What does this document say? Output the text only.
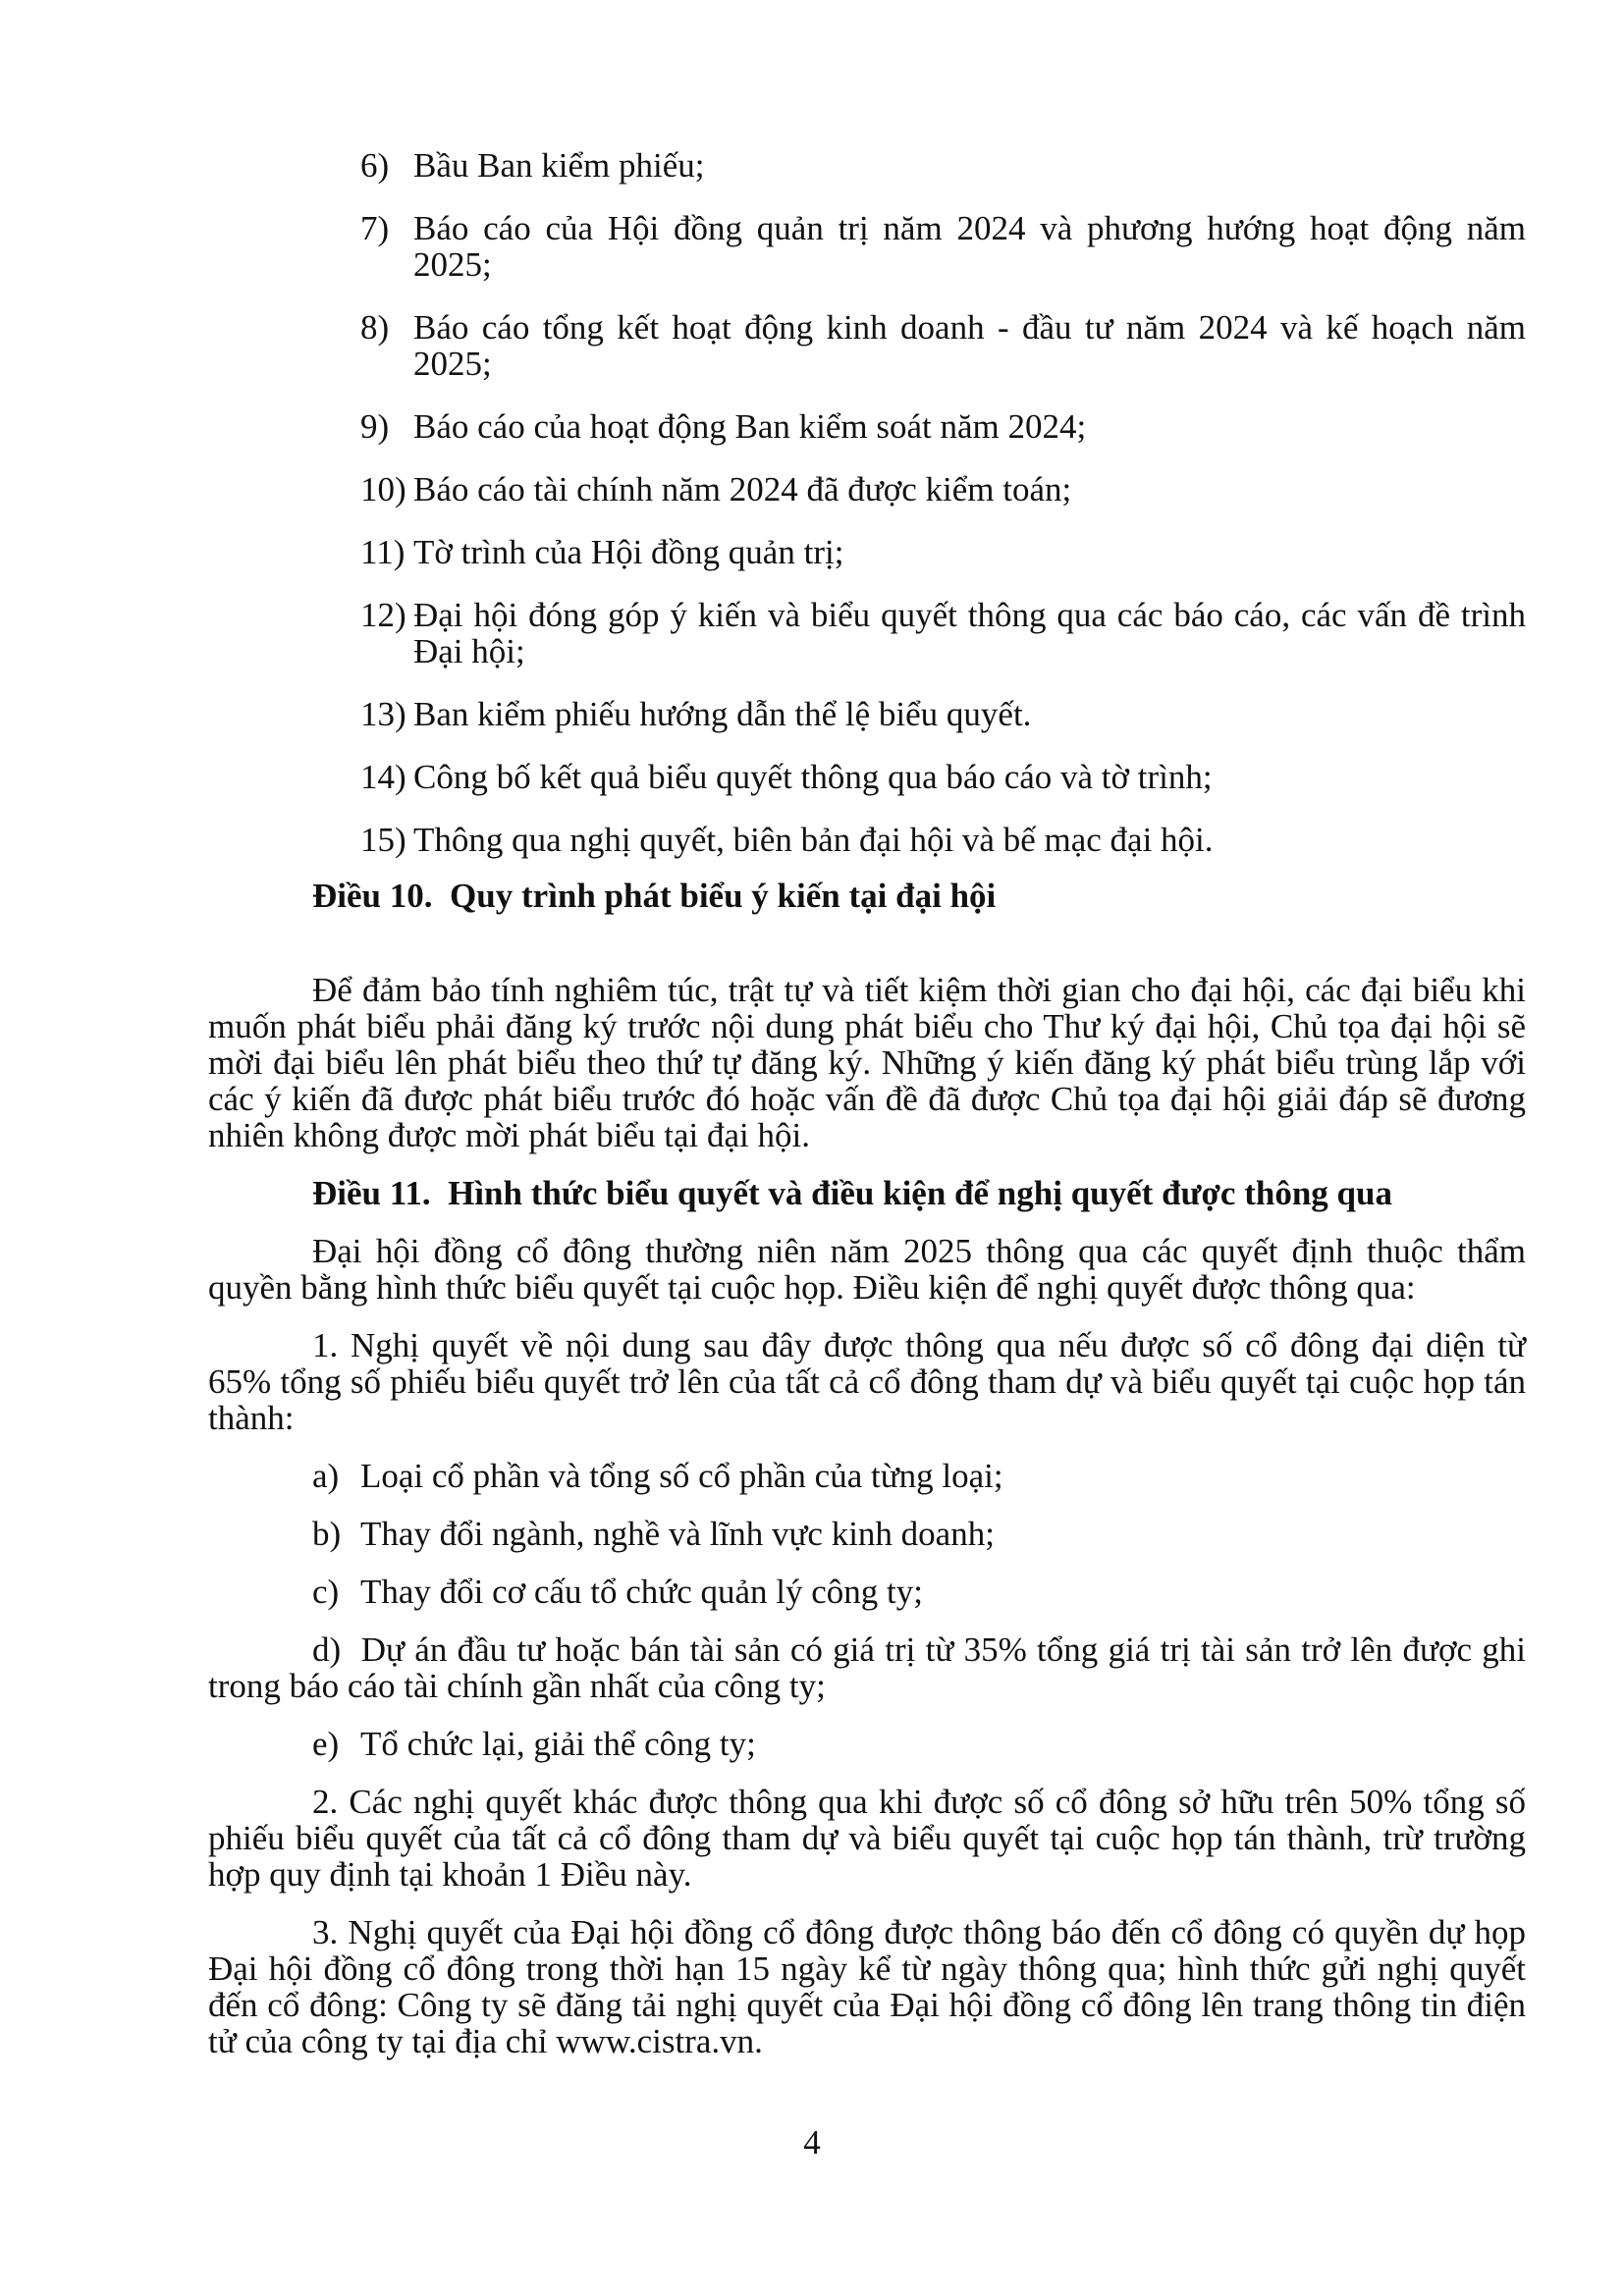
6) Bầu Ban kiểm phiếu;
7) Báo cáo của Hội đồng quản trị năm 2024 và phương hướng hoạt động năm 2025;
8) Báo cáo tổng kết hoạt động kinh doanh - đầu tư năm 2024 và kế hoạch năm 2025;
9) Báo cáo của hoạt động Ban kiểm soát năm 2024;
10) Báo cáo tài chính năm 2024 đã được kiểm toán;
11) Tờ trình của Hội đồng quản trị;
12) Đại hội đóng góp ý kiến và biểu quyết thông qua các báo cáo, các vấn đề trình Đại hội;
13) Ban kiểm phiếu hướng dẫn thể lệ biểu quyết.
14) Công bố kết quả biểu quyết thông qua báo cáo và tờ trình;
15) Thông qua nghị quyết, biên bản đại hội và bế mạc đại hội.
Điều 10.  Quy trình phát biểu ý kiến tại đại hội
Để đảm bảo tính nghiêm túc, trật tự và tiết kiệm thời gian cho đại hội, các đại biểu khi muốn phát biểu phải đăng ký trước nội dung phát biểu cho Thư ký đại hội, Chủ tọa đại hội sẽ mời đại biểu lên phát biểu theo thứ tự đăng ký. Những ý kiến đăng ký phát biểu trùng lắp với các ý kiến đã được phát biểu trước đó hoặc vấn đề đã được Chủ tọa đại hội giải đáp sẽ đương nhiên không được mời phát biểu tại đại hội.
Điều 11.  Hình thức biểu quyết và điều kiện để nghị quyết được thông qua
Đại hội đồng cổ đông thường niên năm 2025 thông qua các quyết định thuộc thẩm quyền bằng hình thức biểu quyết tại cuộc họp. Điều kiện để nghị quyết được thông qua:
1. Nghị quyết về nội dung sau đây được thông qua nếu được số cổ đông đại diện từ 65% tổng số phiếu biểu quyết trở lên của tất cả cổ đông tham dự và biểu quyết tại cuộc họp tán thành:
a) Loại cổ phần và tổng số cổ phần của từng loại;
b) Thay đổi ngành, nghề và lĩnh vực kinh doanh;
c) Thay đổi cơ cấu tổ chức quản lý công ty;
d) Dự án đầu tư hoặc bán tài sản có giá trị từ 35% tổng giá trị tài sản trở lên được ghi trong báo cáo tài chính gần nhất của công ty;
e) Tổ chức lại, giải thể công ty;
2. Các nghị quyết khác được thông qua khi được số cổ đông sở hữu trên 50% tổng số phiếu biểu quyết của tất cả cổ đông tham dự và biểu quyết tại cuộc họp tán thành, trừ trường hợp quy định tại khoản 1 Điều này.
3. Nghị quyết của Đại hội đồng cổ đông được thông báo đến cổ đông có quyền dự họp Đại hội đồng cổ đông trong thời hạn 15 ngày kể từ ngày thông qua; hình thức gửi nghị quyết đến cổ đông: Công ty sẽ đăng tải nghị quyết của Đại hội đồng cổ đông lên trang thông tin điện tử của công ty tại địa chỉ www.cistra.vn.
4
